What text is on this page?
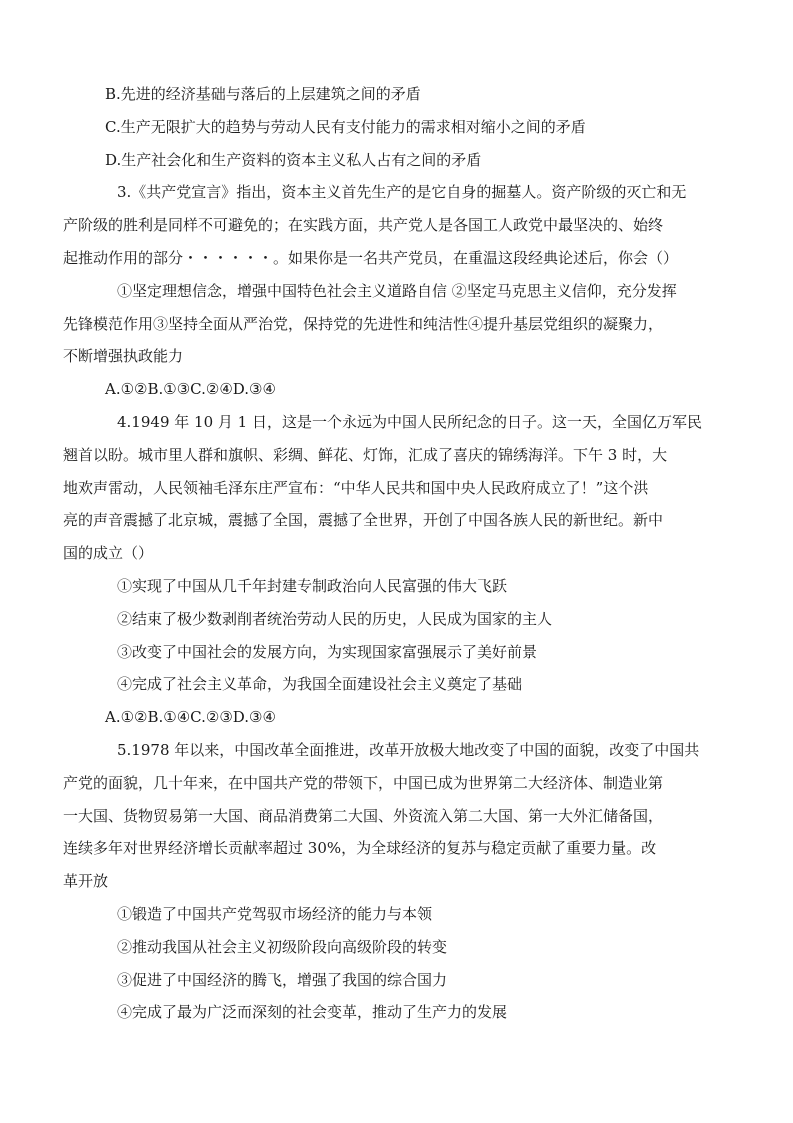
B.先进的经济基础与落后的上层建筑之间的矛盾
C.生产无限扩大的趋势与劳动人民有支付能力的需求相对缩小之间的矛盾
D.生产社会化和生产资料的资本主义私人占有之间的矛盾
3.《共产党宣言》指出，资本主义首先生产的是它自身的掘墓人。资产阶级的灭亡和无
产阶级的胜利是同样不可避免的；在实践方面，共产党人是各国工人政党中最坚决的、始终
起推动作用的部分・・・・・・。如果你是一名共产党员，在重温这段经典论述后，你会（）
①坚定理想信念，增强中国特色社会主义道路自信 ②坚定马克思主义信仰，充分发挥
先锋模范作用③坚持全面从严治党，保持党的先进性和纯洁性④提升基层党组织的凝聚力，
不断增强执政能力
A.①②B.①③C.②④D.③④
4.1949 年 10 月 1 日，这是一个永远为中国人民所纪念的日子。这一天，全国亿万军民
翘首以盼。城市里人群和旗帜、彩绸、鲜花、灯饰，汇成了喜庆的锦绣海洋。下午 3 时，大
地欢声雷动，人民领袖毛泽东庄严宣布：“中华人民共和国中央人民政府成立了！”这个洪
亮的声音震撼了北京城，震撼了全国，震撼了全世界，开创了中国各族人民的新世纪。新中
国的成立（）
①实现了中国从几千年封建专制政治向人民富强的伟大飞跃
②结束了极少数剥削者统治劳动人民的历史，人民成为国家的主人
③改变了中国社会的发展方向，为实现国家富强展示了美好前景
④完成了社会主义革命，为我国全面建设社会主义奠定了基础
A.①②B.①④C.②③D.③④
5.1978 年以来，中国改革全面推进，改革开放极大地改变了中国的面貌，改变了中国共
产党的面貌，几十年来，在中国共产党的带领下，中国已成为世界第二大经济体、制造业第
一大国、货物贸易第一大国、商品消费第二大国、外资流入第二大国、第一大外汇储备国，
连续多年对世界经济增长贡献率超过 30%，为全球经济的复苏与稳定贡献了重要力量。改
革开放
①锻造了中国共产党驾驭市场经济的能力与本领
②推动我国从社会主义初级阶段向高级阶段的转变
③促进了中国经济的腾飞，增强了我国的综合国力
④完成了最为广泛而深刻的社会变革，推动了生产力的发展
